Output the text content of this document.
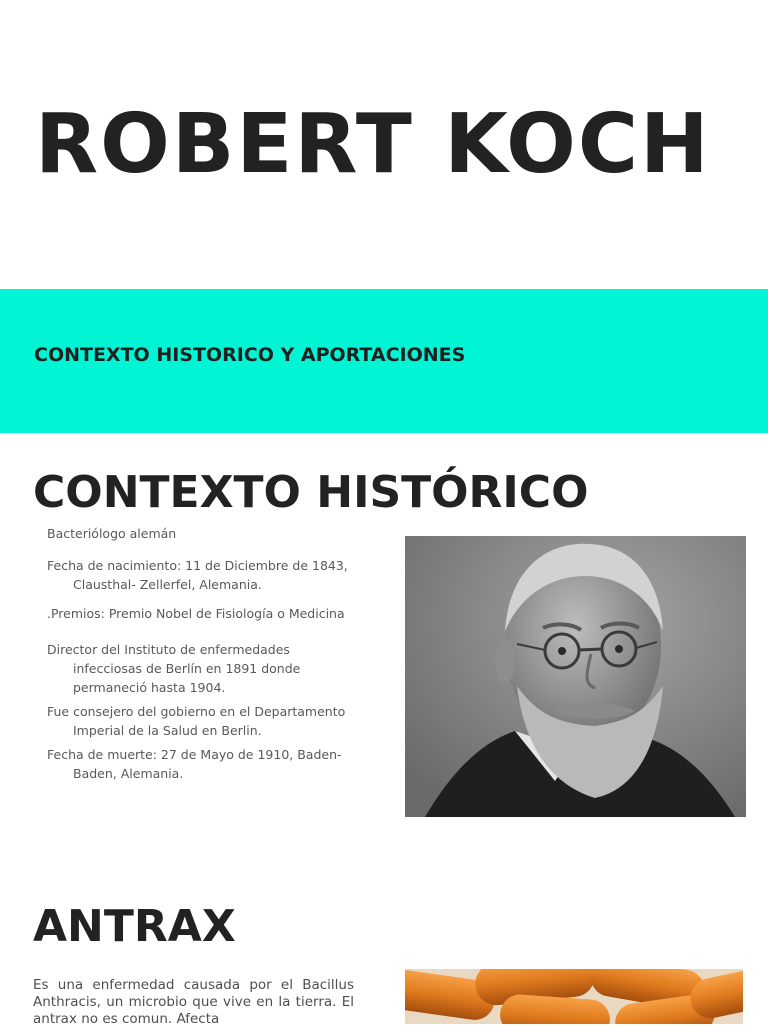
ROBERT KOCH

CONTEXTO HISTORICO Y APORTACIONES

CONTEXTO HISTÓRICO
Bacteriólogo alemán
Fecha de nacimiento: 11 de Diciembre de 1843, Clausthal- Zellerfel, Alemania.
.Premios: Premio Nobel de Fisiología o Medicina
Director del Instituto de enfermedades infecciosas de Berlín en 1891 donde permaneció hasta 1904.
Fue consejero del gobierno en el Departamento Imperial de la Salud en Berlin.
Fecha de muerte: 27 de Mayo de 1910, Baden-Baden, Alemania.
ANTRAX

Es una enfermedad causada por el Bacillus Anthracis, un microbio que vive en la tierra. El antrax no es comun. Afecta
